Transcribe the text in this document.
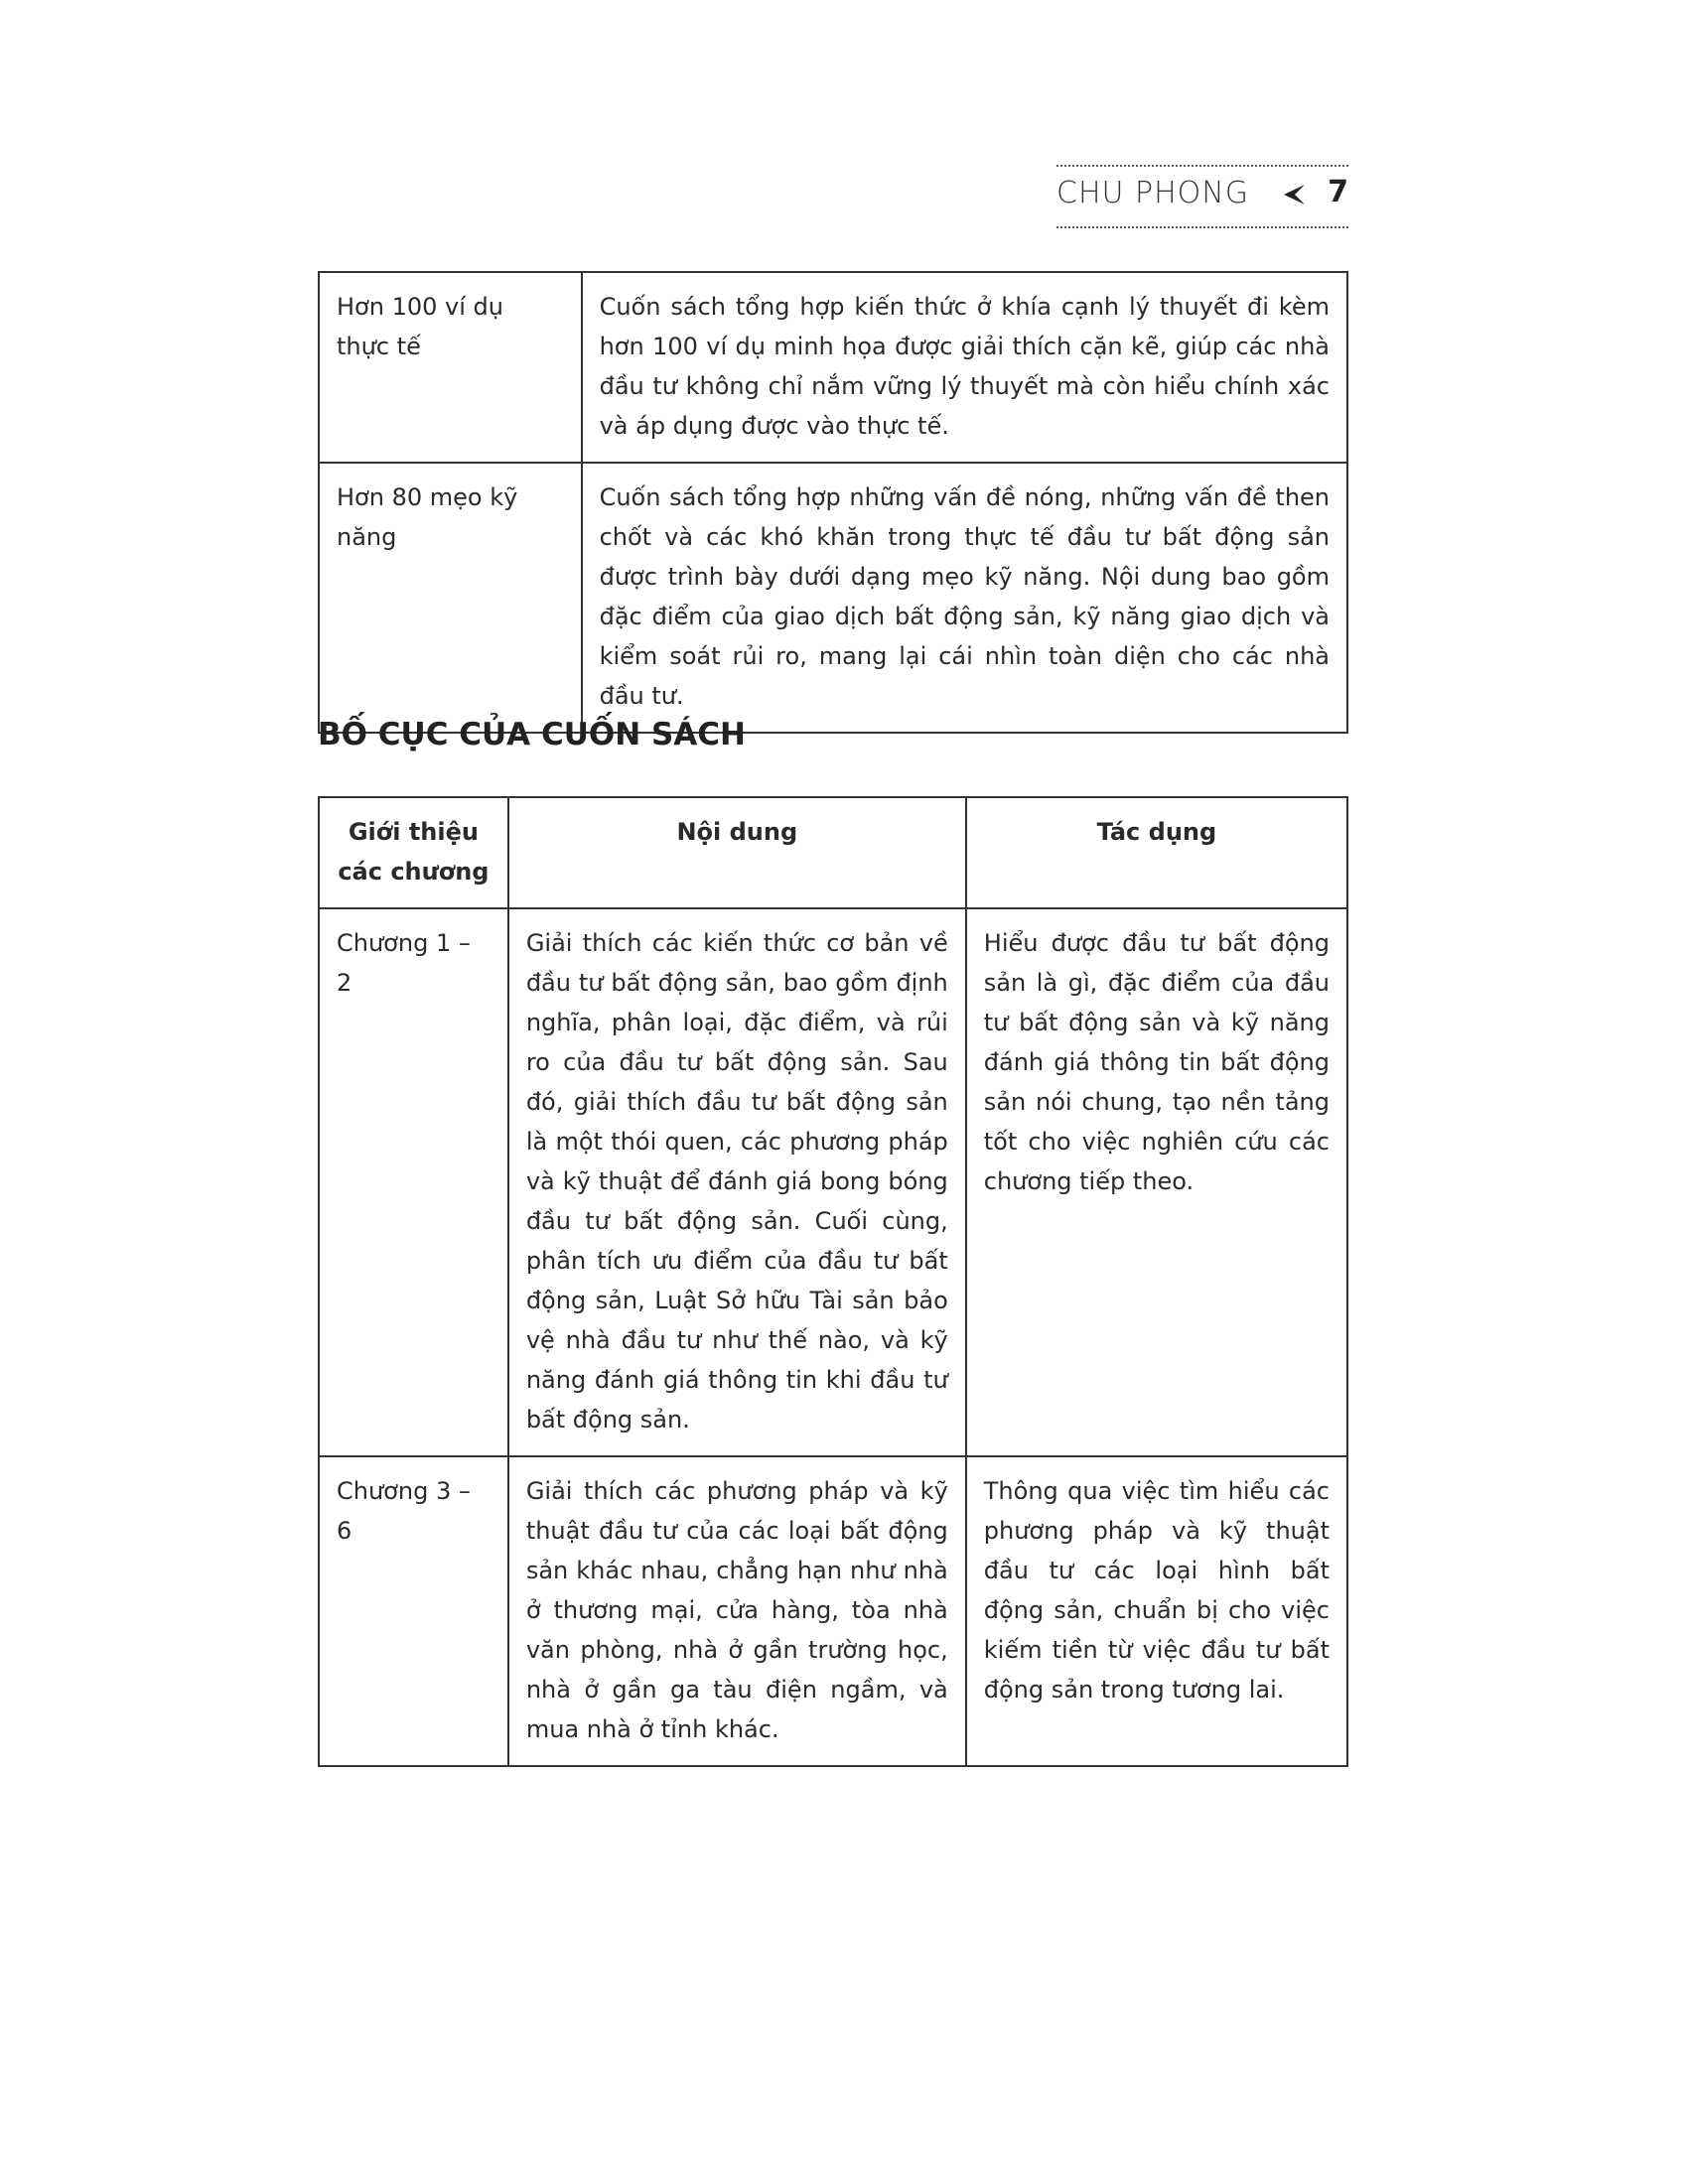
CHU PHONG	7
Hơn 100 ví dụ thực tế	Cuốn sách tổng hợp kiến thức ở khía cạnh lý thuyết đi kèm hơn 100 ví dụ minh họa được giải thích cặn kẽ, giúp các nhà đầu tư không chỉ nắm vững lý thuyết mà còn hiểu chính xác và áp dụng được vào thực tế.
Hơn 80 mẹo kỹ năng	Cuốn sách tổng hợp những vấn đề nóng, những vấn đề then chốt và các khó khăn trong thực tế đầu tư bất động sản được trình bày dưới dạng mẹo kỹ năng. Nội dung bao gồm đặc điểm của giao dịch bất động sản, kỹ năng giao dịch và kiểm soát rủi ro, mang lại cái nhìn toàn diện cho các nhà đầu tư.
BỐ CỤC CỦA CUỐN SÁCH
Giới thiệu các chương	Nội dung	Tác dụng
Chương 1 – 2	Giải thích các kiến thức cơ bản về đầu tư bất động sản, bao gồm định nghĩa, phân loại, đặc điểm, và rủi ro của đầu tư bất động sản. Sau đó, giải thích đầu tư bất động sản là một thói quen, các phương pháp và kỹ thuật để đánh giá bong bóng đầu tư bất động sản. Cuối cùng, phân tích ưu điểm của đầu tư bất động sản, Luật Sở hữu Tài sản bảo vệ nhà đầu tư như thế nào, và kỹ năng đánh giá thông tin khi đầu tư bất động sản.	Hiểu được đầu tư bất động sản là gì, đặc điểm của đầu tư bất động sản và kỹ năng đánh giá thông tin bất động sản nói chung, tạo nền tảng tốt cho việc nghiên cứu các chương tiếp theo.
Chương 3 – 6	Giải thích các phương pháp và kỹ thuật đầu tư của các loại bất động sản khác nhau, chẳng hạn như nhà ở thương mại, cửa hàng, tòa nhà văn phòng, nhà ở gần trường học, nhà ở gần ga tàu điện ngầm, và mua nhà ở tỉnh khác.	Thông qua việc tìm hiểu các phương pháp và kỹ thuật đầu tư các loại hình bất động sản, chuẩn bị cho việc kiếm tiền từ việc đầu tư bất động sản trong tương lai.
